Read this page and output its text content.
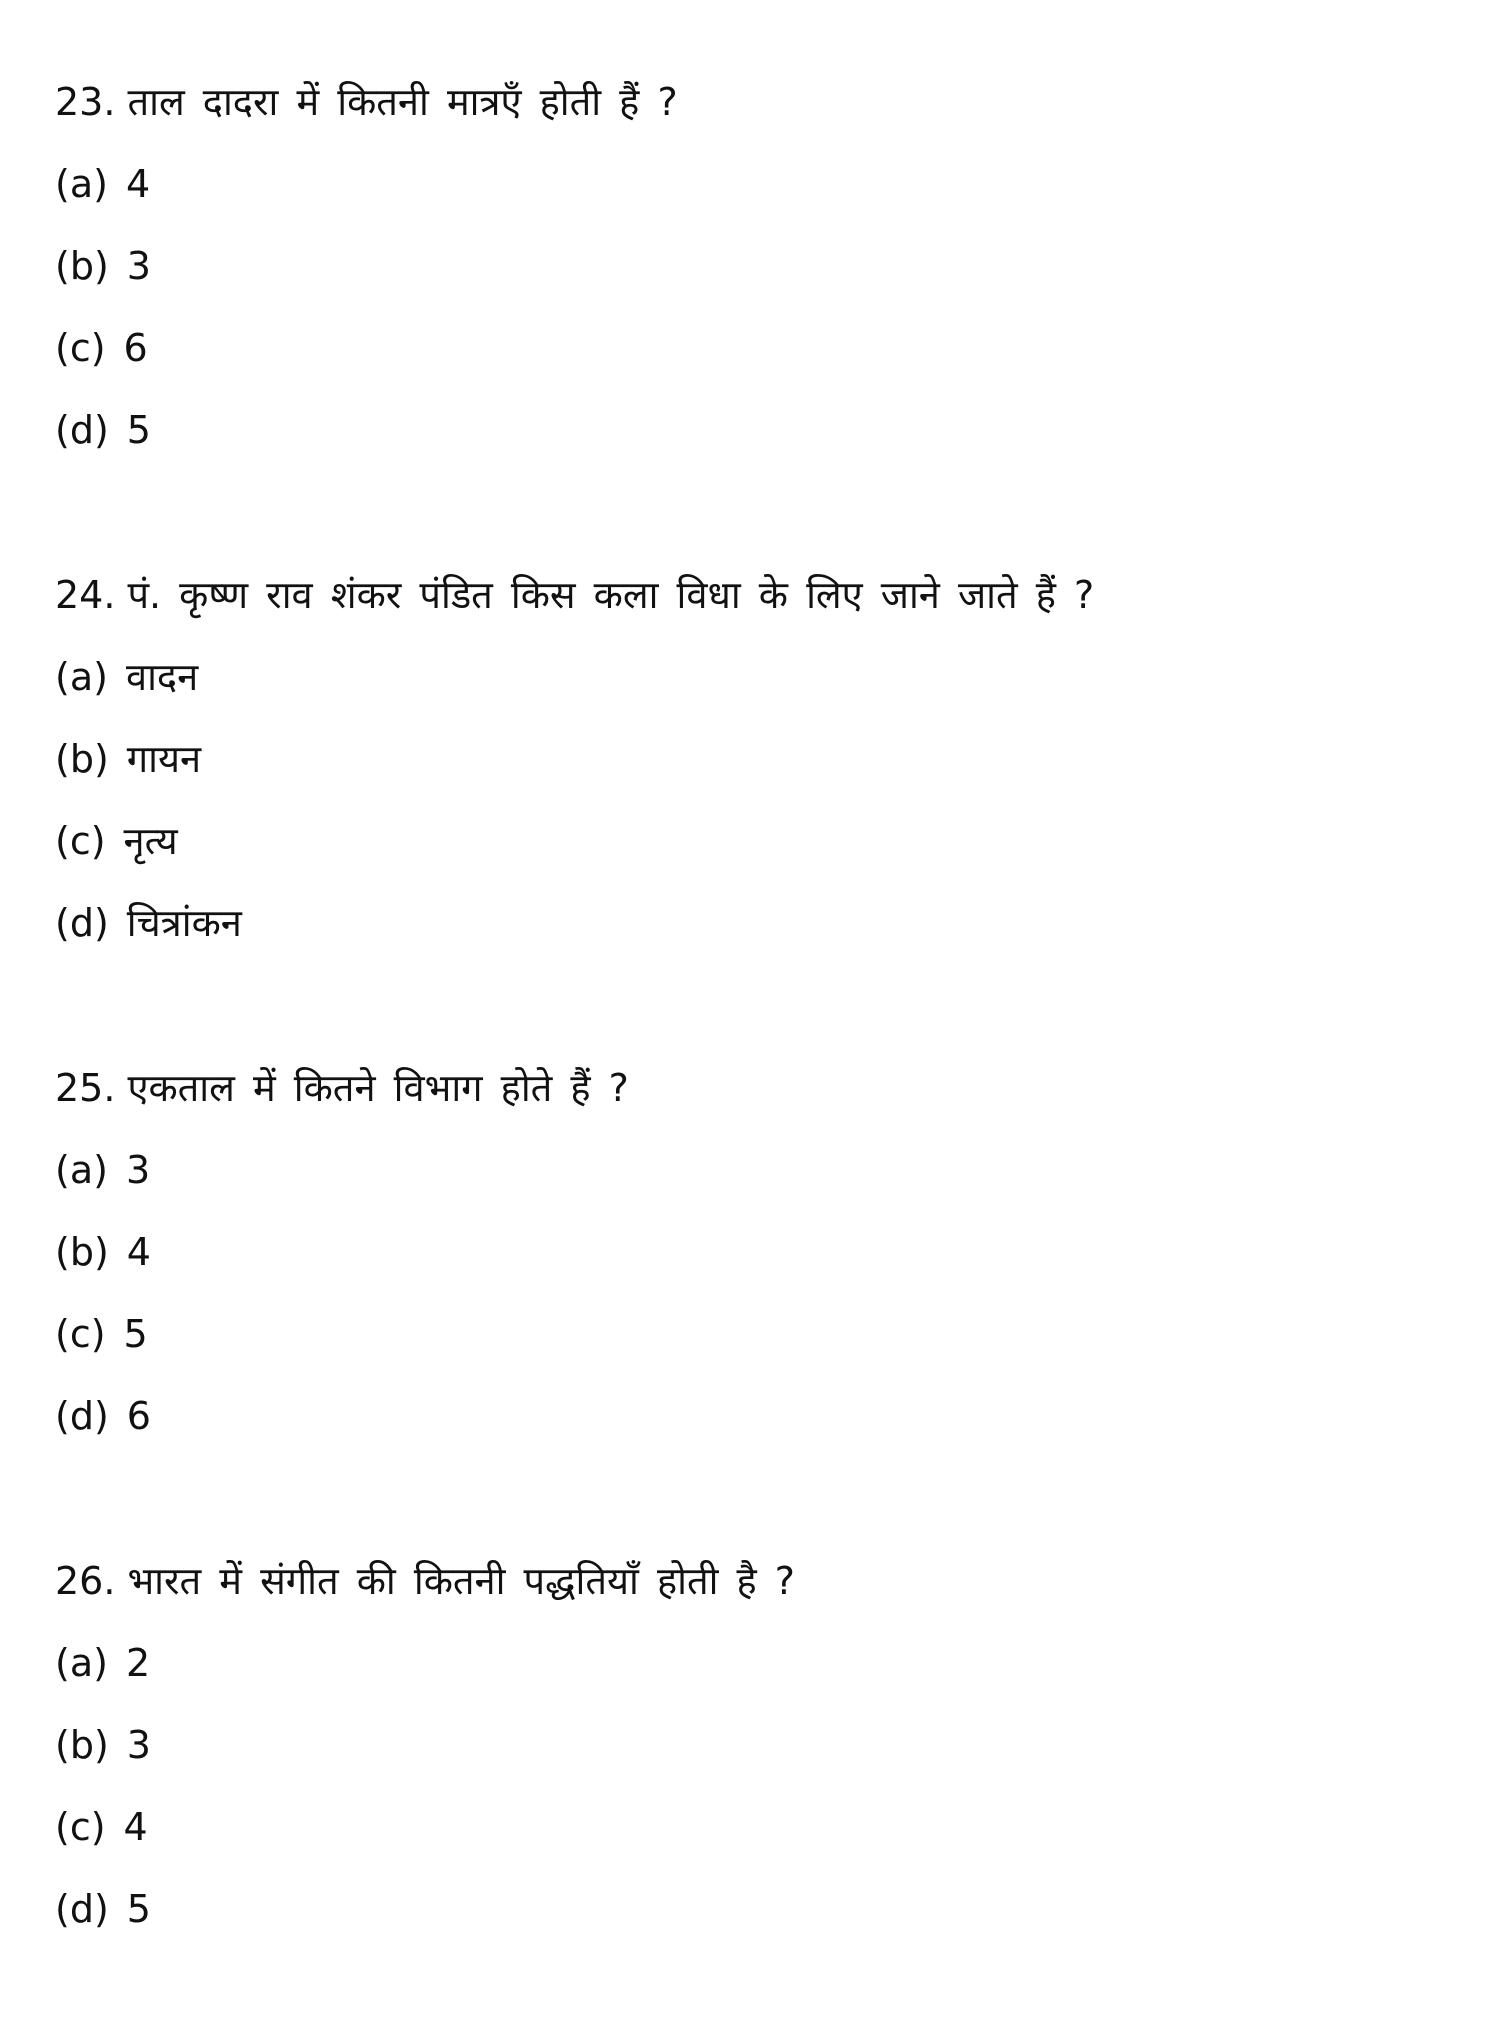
23. ताल दादरा में कितनी मात्रएँ होती हैं ?
(a) 4
(b) 3
(c) 6
(d) 5
24. पं. कृष्ण राव शंकर पंडित किस कला विधा के लिए जाने जाते हैं ?
(a) वादन
(b) गायन
(c) नृत्य
(d) चित्रांकन
25. एकताल में कितने विभाग होते हैं ?
(a) 3
(b) 4
(c) 5
(d) 6
26. भारत में संगीत की कितनी पद्धतियाँ होती है ?
(a) 2
(b) 3
(c) 4
(d) 5
